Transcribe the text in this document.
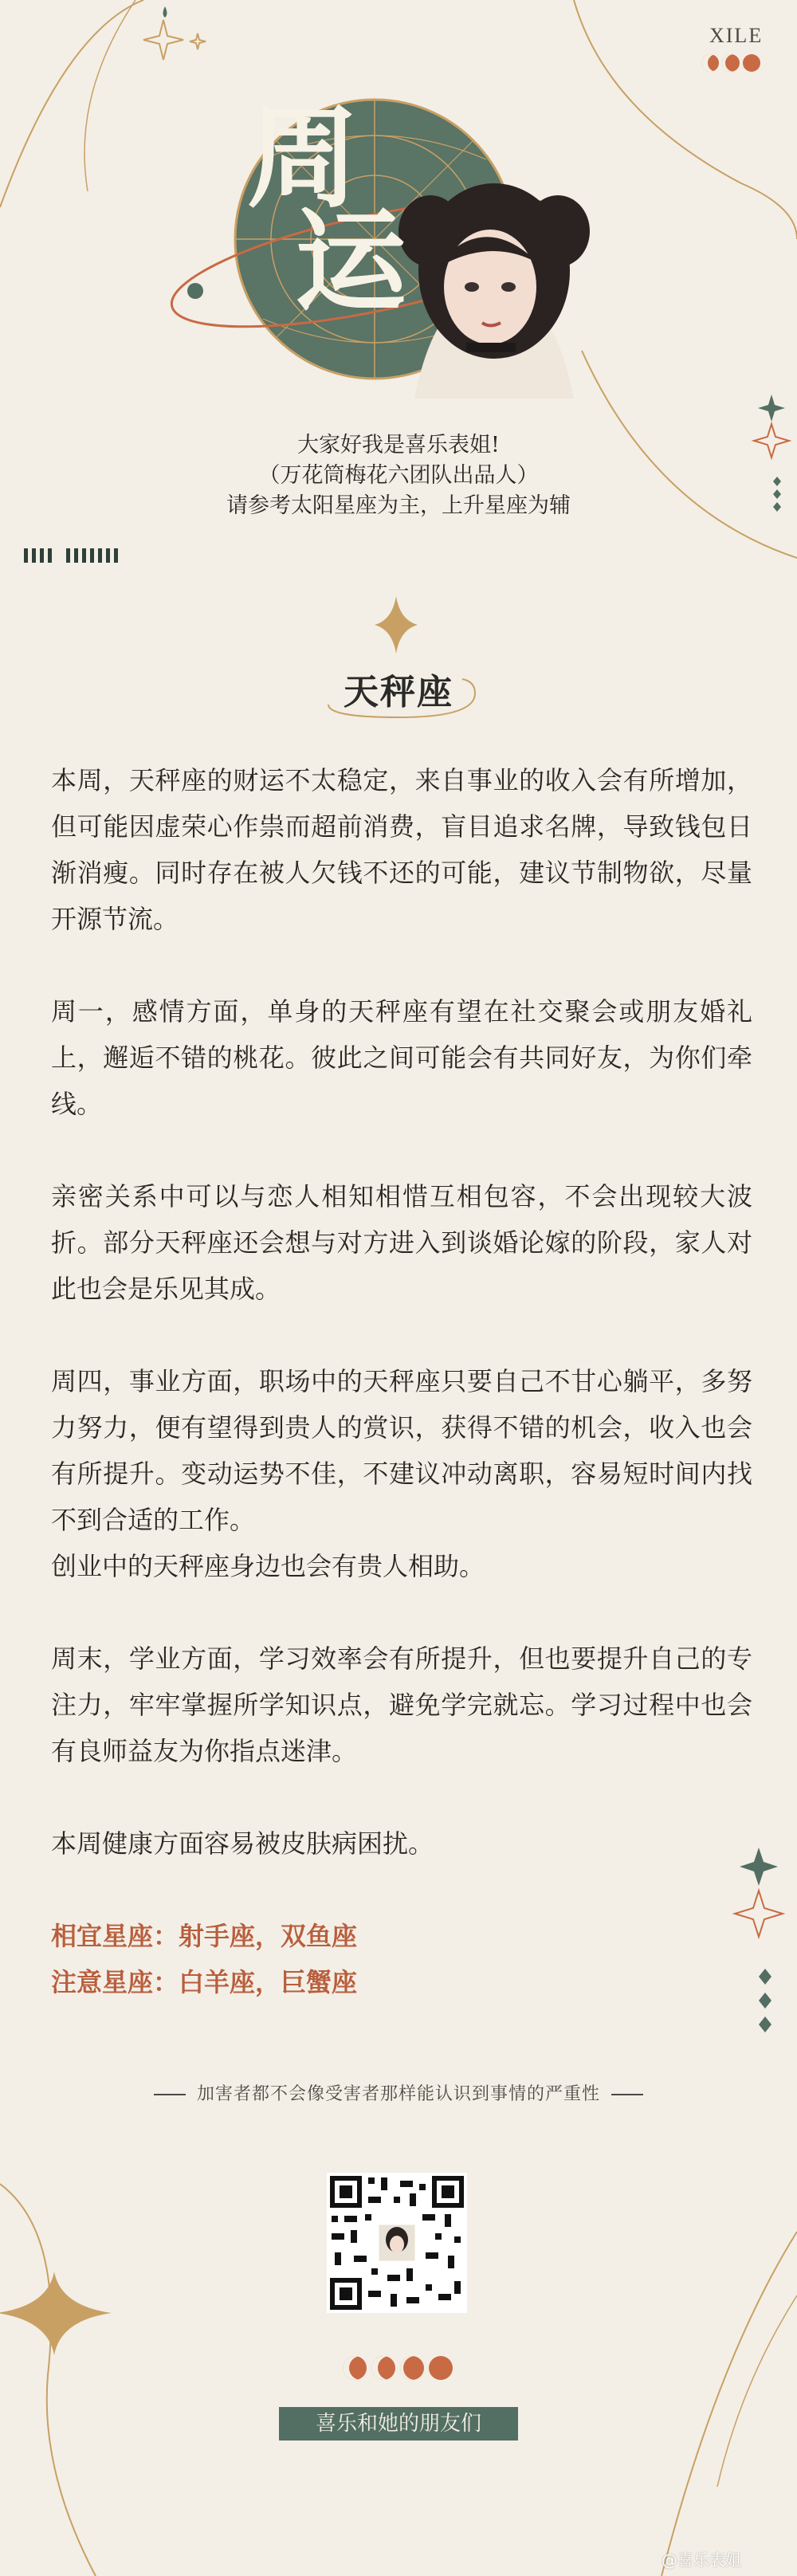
XILE
周
运
大家好我是喜乐表姐!
（万花筒梅花六团队出品人）
请参考太阳星座为主，上升星座为辅
天秤座

本周，天秤座的财运不太稳定，来自事业的收入会有所增加，但可能因虚荣心作祟而超前消费，盲目追求名牌，导致钱包日渐消瘦。同时存在被人欠钱不还的可能，建议节制物欲，尽量开源节流。

周一，感情方面，单身的天秤座有望在社交聚会或朋友婚礼上，邂逅不错的桃花。彼此之间可能会有共同好友，为你们牵线。

亲密关系中可以与恋人相知相惜互相包容，不会出现较大波折。部分天秤座还会想与对方进入到谈婚论嫁的阶段，家人对此也会是乐见其成。

周四，事业方面，职场中的天秤座只要自己不甘心躺平，多努力努力，便有望得到贵人的赏识，获得不错的机会，收入也会有所提升。变动运势不佳，不建议冲动离职，容易短时间内找不到合适的工作。

创业中的天秤座身边也会有贵人相助。

周末，学业方面，学习效率会有所提升，但也要提升自己的专注力，牢牢掌握所学知识点，避免学完就忘。学习过程中也会有良师益友为你指点迷津。

本周健康方面容易被皮肤病困扰。

相宜星座：射手座，双鱼座

注意星座：白羊座，巨蟹座

加害者都不会像受害者那样能认识到事情的严重性
喜乐和她的朋友们
@喜乐表姐
